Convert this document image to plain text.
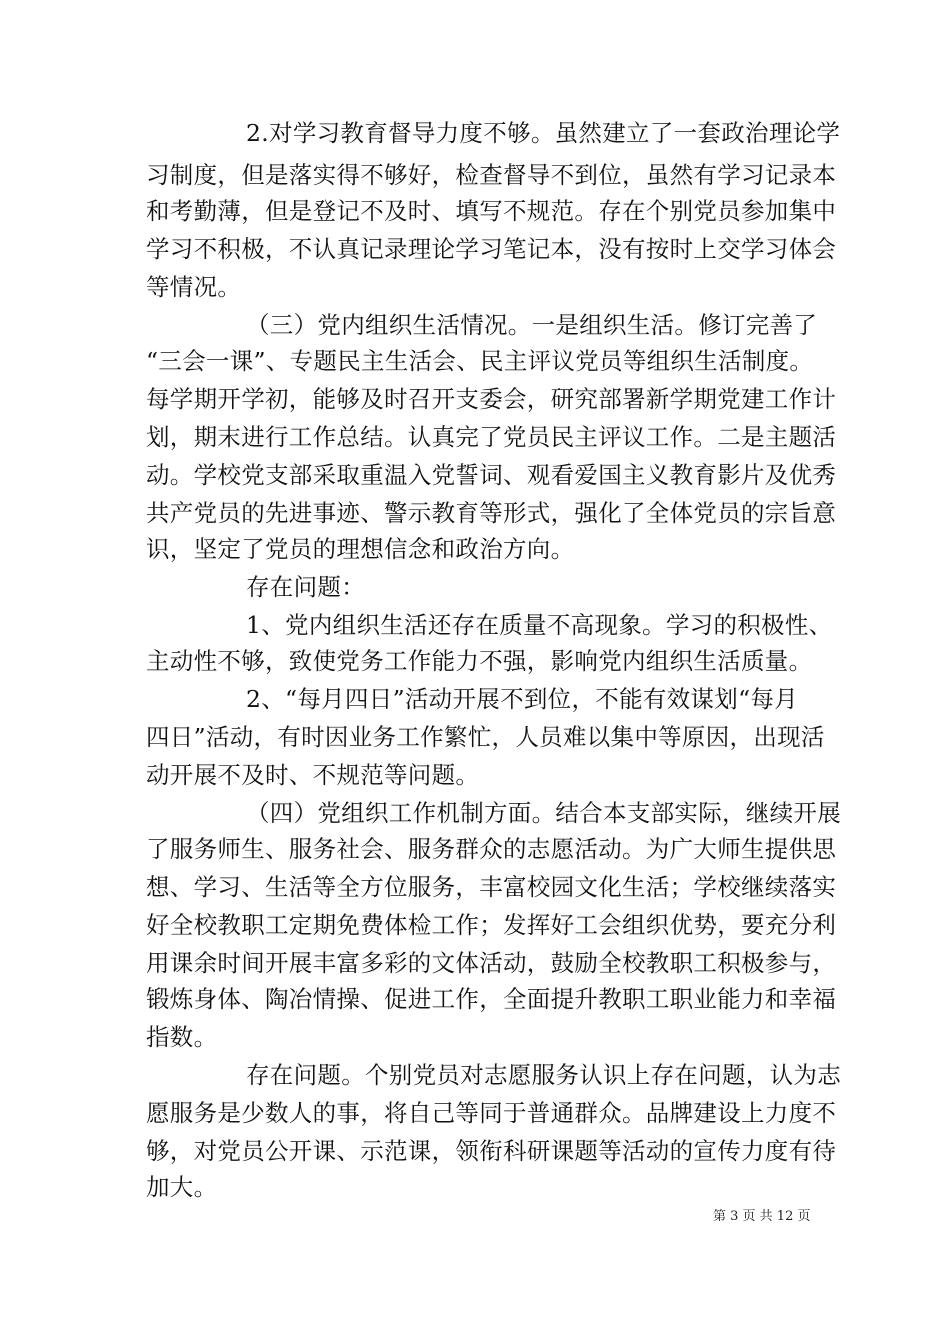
2.对学习教育督导力度不够。虽然建立了一套政治理论学
习制度，但是落实得不够好，检查督导不到位，虽然有学习记录本
和考勤薄，但是登记不及时、填写不规范。存在个别党员参加集中
学习不积极，不认真记录理论学习笔记本，没有按时上交学习体会
等情况。
（三）党内组织生活情况。一是组织生活。修订完善了
“三会一课”、专题民主生活会、民主评议党员等组织生活制度。
每学期开学初，能够及时召开支委会，研究部署新学期党建工作计
划，期末进行工作总结。认真完了党员民主评议工作。二是主题活
动。学校党支部采取重温入党誓词、观看爱国主义教育影片及优秀
共产党员的先进事迹、警示教育等形式，强化了全体党员的宗旨意
识，坚定了党员的理想信念和政治方向。
存在问题：
1、党内组织生活还存在质量不高现象。学习的积极性、
主动性不够，致使党务工作能力不强，影响党内组织生活质量。
2、“每月四日”活动开展不到位，不能有效谋划“每月
四日”活动，有时因业务工作繁忙，人员难以集中等原因，出现活
动开展不及时、不规范等问题。
（四）党组织工作机制方面。结合本支部实际，继续开展
了服务师生、服务社会、服务群众的志愿活动。为广大师生提供思
想、学习、生活等全方位服务，丰富校园文化生活；学校继续落实
好全校教职工定期免费体检工作；发挥好工会组织优势，要充分利
用课余时间开展丰富多彩的文体活动，鼓励全校教职工积极参与，
锻炼身体、陶冶情操、促进工作，全面提升教职工职业能力和幸福
指数。
存在问题。个别党员对志愿服务认识上存在问题，认为志
愿服务是少数人的事，将自己等同于普通群众。品牌建设上力度不
够，对党员公开课、示范课，领衔科研课题等活动的宣传力度有待
加大。
第 3 页 共 12 页
